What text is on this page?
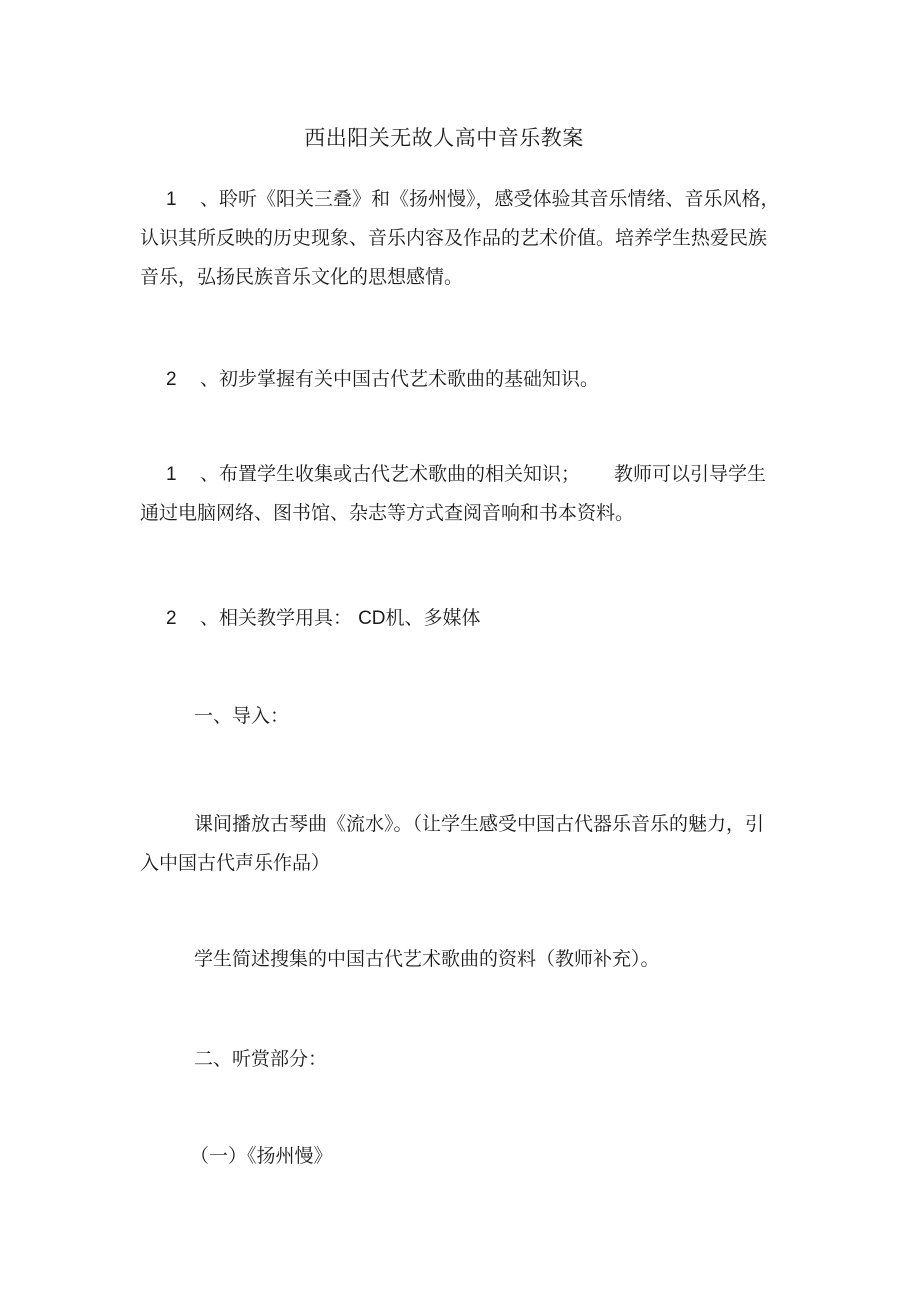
西出阳关无故人高中音乐教案

1 、聆听《阳关三叠》和《扬州慢》，感受体验其音乐情绪、音乐风格，认识其所反映的历史现象、音乐内容及作品的艺术价值。培养学生热爱民族音乐，弘扬民族音乐文化的思想感情。

2 、初步掌握有关中国古代艺术歌曲的基础知识。

1 、布置学生收集或古代艺术歌曲的相关知识； 教师可以引导学生通过电脑网络、图书馆、杂志等方式查阅音响和书本资料。

2 、相关教学用具： CD机、多媒体

一、导入：

课间播放古琴曲《流水》。（让学生感受中国古代器乐音乐的魅力，引入中国古代声乐作品）

学生简述搜集的中国古代艺术歌曲的资料（教师补充）。

二、听赏部分：

（一）《扬州慢》
